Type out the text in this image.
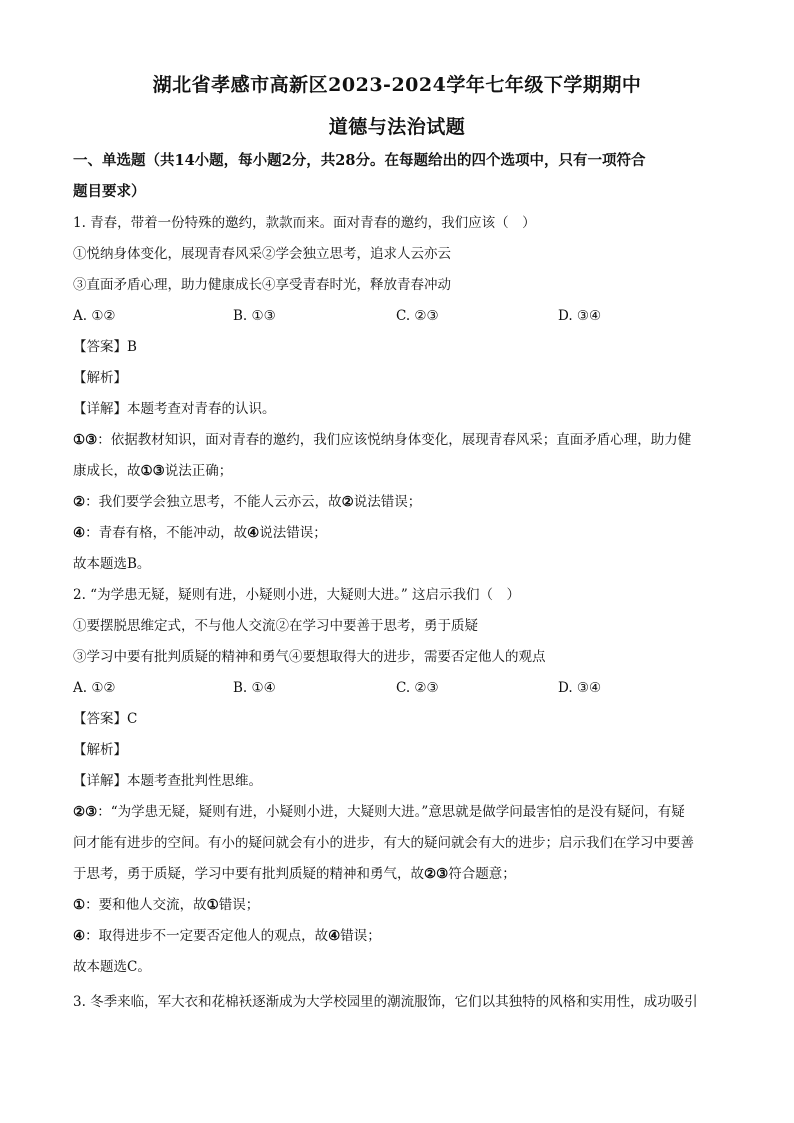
湖北省孝感市高新区2023-2024学年七年级下学期期中
道德与法治试题
一、单选题（共14小题，每小题2分，共28分。在每题给出的四个选项中，只有一项符合
题目要求）
1. 青春，带着一份特殊的邀约，款款而来。面对青春的邀约，我们应该（　）
①悦纳身体变化，展现青春风采②学会独立思考，追求人云亦云
③直面矛盾心理，助力健康成长④享受青春时光，释放青春冲动
A. ①②	B. ①③	C. ②③	D. ③④
【答案】B
【解析】
【详解】本题考查对青春的认识。
①③：依据教材知识，面对青春的邀约，我们应该悦纳身体变化，展现青春风采；直面矛盾心理，助力健
康成长，故①③说法正确；
②：我们要学会独立思考，不能人云亦云，故②说法错误；
④：青春有格，不能冲动，故④说法错误；
故本题选B。
2. “为学患无疑，疑则有进，小疑则小进，大疑则大进。” 这启示我们（　）
①要摆脱思维定式，不与他人交流②在学习中要善于思考，勇于质疑
③学习中要有批判质疑的精神和勇气④要想取得大的进步，需要否定他人的观点
A. ①②	B. ①④	C. ②③	D. ③④
【答案】C
【解析】
【详解】本题考查批判性思维。
②③：“为学患无疑，疑则有进，小疑则小进，大疑则大进。”意思就是做学问最害怕的是没有疑问，有疑
问才能有进步的空间。有小的疑问就会有小的进步，有大的疑问就会有大的进步；启示我们在学习中要善
于思考，勇于质疑，学习中要有批判质疑的精神和勇气，故②③符合题意；
①：要和他人交流，故①错误；
④：取得进步不一定要否定他人的观点，故④错误；
故本题选C。
3. 冬季来临，军大衣和花棉袄逐渐成为大学校园里的潮流服饰，它们以其独特的风格和实用性，成功吸引
